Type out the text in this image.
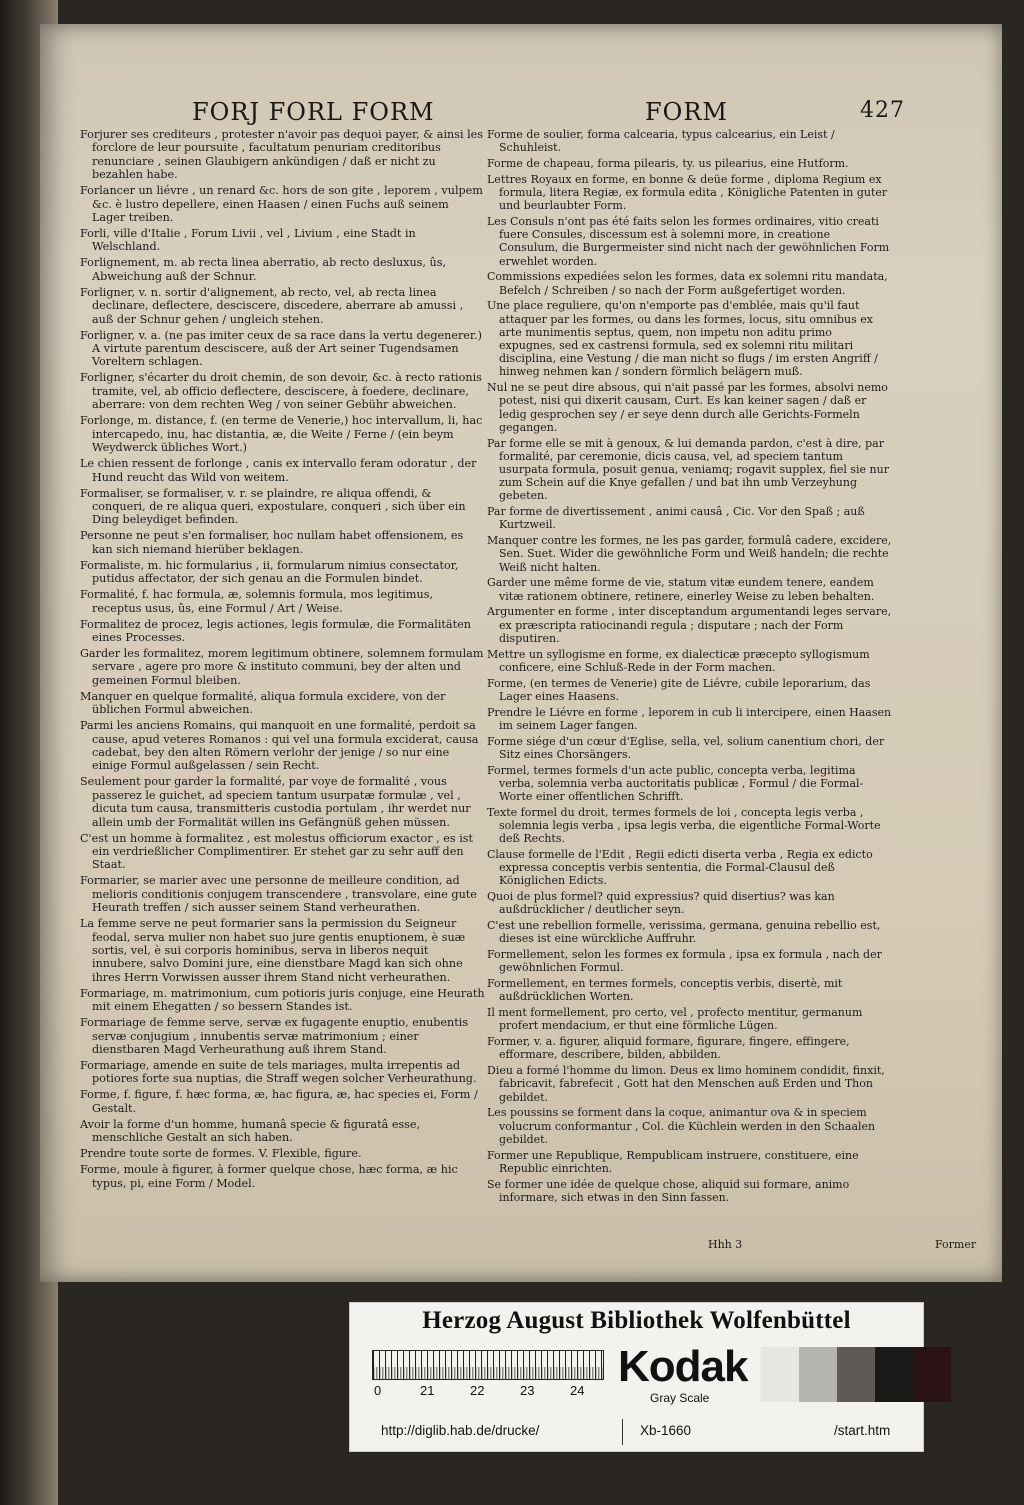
FORJ FORL FORM	FORM	427

Forjurer ses crediteurs , protester n'avoir pas dequoi payer, & ainsi les forclore de leur poursuite , facultatum penuriam creditoribus renunciare , seinen Glaubigern ankündigen / daß er nicht zu bezahlen habe.

Forlancer un liévre , un renard &c. hors de son gite , leporem , vulpem &c. è lustro depellere, einen Haasen / einen Fuchs auß seinem Lager treiben.

Forli, ville d'Italie , Forum Livii , vel , Livium , eine Stadt in Welschland.

Forlignement, m. ab recta linea aberratio, ab recto desluxus, ûs, Abweichung auß der Schnur.

Forligner, v. n. sortir d'alignement, ab recto, vel, ab recta linea declinare, deflectere, desciscere, discedere, aberrare ab amussi , auß der Schnur gehen / ungleich stehen.

Forligner, v. a. (ne pas imiter ceux de sa race dans la vertu degenerer.) A virtute parentum desciscere, auß der Art seiner Tugendsamen Voreltern schlagen.

Forligner, s'écarter du droit chemin, de son devoir, &c. à recto rationis tramite, vel, ab officio deflectere, desciscere, à foedere, declinare, aberrare: von dem rechten Weg / von seiner Gebühr abweichen.

Forlonge, m. distance, f. (en terme de Venerie,) hoc intervallum, li, hac intercapedo, inu, hac distantia, æ, die Weite / Ferne / (ein beym Weydwerck übliches Wort.)

Le chien ressent de forlonge , canis ex intervallo feram odoratur , der Hund reucht das Wild von weitem.

Formaliser, se formaliser, v. r. se plaindre, re aliqua offendi, & conqueri, de re aliqua queri, expostulare, conqueri , sich über ein Ding beleydiget befinden.

Personne ne peut s'en formaliser, hoc nullam habet offensionem, es kan sich niemand hierüber beklagen.

Formaliste, m. hic formularius , ii, formularum nimius consectator, putidus affectator, der sich genau an die Formulen bindet.

Formalité, f. hac formula, æ, solemnis formula, mos legitimus, receptus usus, ûs, eine Formul / Art / Weise.

Formalitez de procez, legis actiones, legis formulæ, die Formalitäten eines Processes.

Garder les formalitez, morem legitimum obtinere, solemnem formulam servare , agere pro more & instituto communi, bey der alten und gemeinen Formul bleiben.

Manquer en quelque formalité, aliqua formula excidere, von der üblichen Formul abweichen.

Parmi les anciens Romains, qui manquoit en une formalité, perdoit sa cause, apud veteres Romanos : qui vel una formula exciderat, causa cadebat, bey den alten Römern verlohr der jenige / so nur eine einige Formul außgelassen / sein Recht.

Seulement pour garder la formalité, par voye de formalité , vous passerez le guichet, ad speciem tantum usurpatæ formulæ , vel , dicuta tum causa, transmitteris custodia portulam , ihr werdet nur allein umb der Formalität willen ins Gefängnüß gehen müssen.

C'est un homme à formalitez , est molestus officiorum exactor , es ist ein verdrießlicher Complimentirer. Er stehet gar zu sehr auff den Staat.

Formarier, se marier avec une personne de meilleure condition, ad melioris conditionis conjugem transcendere , transvolare, eine gute Heurath treffen / sich ausser seinem Stand verheurathen.

La femme serve ne peut formarier sans la permission du Seigneur feodal, serva mulier non habet suo jure gentis enuptionem, è suæ sortis, vel, è sui corporis hominibus, serva in liberos nequit innubere, salvo Domini jure, eine dienstbare Magd kan sich ohne ihres Herrn Vorwissen ausser ihrem Stand nicht verheurathen.

Formariage, m. matrimonium, cum potioris juris conjuge, eine Heurath mit einem Ehegatten / so bessern Standes ist.

Formariage de femme serve, servæ ex fugagente enuptio, enubentis servæ conjugium , innubentis servæ matrimonium ; einer dienstbaren Magd Verheurathung auß ihrem Stand.

Formariage, amende en suite de tels mariages, multa irrepentis ad potiores forte sua nuptias, die Straff wegen solcher Verheurathung.

Forme, f. figure, f. hæc forma, æ, hac figura, æ, hac species ei, Form / Gestalt.

Avoir la forme d'un homme, humanâ specie & figuratâ esse, menschliche Gestalt an sich haben.

Prendre toute sorte de formes. V. Flexible, figure.

Forme, moule à figurer, à former quelque chose, hæc forma, æ hic typus, pi, eine Form / Model.

Forme de soulier, forma calcearia, typus calcearius, ein Leist / Schuhleist.

Forme de chapeau, forma pilearis, ty. us pilearius, eine Hutform.

Lettres Royaux en forme, en bonne & deüe forme , diploma Regium ex formula, litera Regiæ, ex formula edita , Königliche Patenten in guter und beurlaubter Form.

Les Consuls n'ont pas été faits selon les formes ordinaires, vitio creati fuere Consules, discessum est à solemni more, in creatione Consulum, die Burgermeister sind nicht nach der gewöhnlichen Form erwehlet worden.

Commissions expediées selon les formes, data ex solemni ritu mandata, Befelch / Schreiben / so nach der Form außgefertiget worden.

Une place reguliere, qu'on n'emporte pas d'emblée, mais qu'il faut attaquer par les formes, ou dans les formes, locus, situ omnibus ex arte munimentis septus, quem, non impetu non aditu primo expugnes, sed ex castrensi formula, sed ex solemni ritu militari disciplina, eine Vestung / die man nicht so flugs / im ersten Angriff / hinweg nehmen kan / sondern förmlich belägern muß.

Nul ne se peut dire absous, qui n'ait passé par les formes, absolvi nemo potest, nisi qui dixerit causam, Curt. Es kan keiner sagen / daß er ledig gesprochen sey / er seye denn durch alle Gerichts-Formeln gegangen.

Par forme elle se mit à genoux, & lui demanda pardon, c'est à dire, par formalité, par ceremonie, dicis causa, vel, ad speciem tantum usurpata formula, posuit genua, veniamq; rogavit supplex, fiel sie nur zum Schein auf die Knye gefallen / und bat ihn umb Verzeyhung gebeten.

Par forme de divertissement , animi causâ , Cic. Vor den Spaß ; auß Kurtzweil.

Manquer contre les formes, ne les pas garder, formulâ cadere, excidere, Sen. Suet. Wider die gewöhnliche Form und Weiß handeln; die rechte Weiß nicht halten.

Garder une même forme de vie, statum vitæ eundem tenere, eandem vitæ rationem obtinere, retinere, einerley Weise zu leben behalten.

Argumenter en forme , inter disceptandum argumentandi leges servare, ex præscripta ratiocinandi regula ; disputare ; nach der Form disputiren.

Mettre un syllogisme en forme, ex dialecticæ præcepto syllogismum conficere, eine Schluß-Rede in der Form machen.

Forme, (en termes de Venerie) gite de Liévre, cubile leporarium, das Lager eines Haasens.

Prendre le Liévre en forme , leporem in cub li intercipere, einen Haasen im seinem Lager fangen.

Forme siége d'un cœur d'Eglise, sella, vel, solium canentium chori, der Sitz eines Chorsängers.

Formel, termes formels d'un acte public, concepta verba, legitima verba, solemnia verba auctoritatis publicæ , Formul / die Formal-Worte einer offentlichen Schrifft.

Texte formel du droit, termes formels de loi , concepta legis verba , solemnia legis verba , ipsa legis verba, die eigentliche Formal-Worte deß Rechts.

Clause formelle de l'Edit , Regii edicti diserta verba , Regia ex edicto expressa conceptis verbis sententia, die Formal-Clausul deß Königlichen Edicts.

Quoi de plus formel? quid expressius? quid disertius? was kan außdrücklicher / deutlicher seyn.

C'est une rebellion formelle, verissima, germana, genuina rebellio est, dieses ist eine würckliche Auffruhr.

Formellement, selon les formes ex formula , ipsa ex formula , nach der gewöhnlichen Formul.

Formellement, en termes formels, conceptis verbis, disertè, mit außdrücklichen Worten.

Il ment formellement, pro certo, vel , profecto mentitur, germanum profert mendacium, er thut eine förmliche Lügen.

Former, v. a. figurer, aliquid formare, figurare, fingere, effingere, efformare, describere, bilden, abbilden.

Dieu a formé l'homme du limon. Deus ex limo hominem condidit, finxit, fabricavit, fabrefecit , Gott hat den Menschen auß Erden und Thon gebildet.

Les poussins se forment dans la coque, animantur ova & in speciem volucrum conformantur , Col. die Küchlein werden in den Schaalen gebildet.

Former une Republique, Rempublicam instruere, constituere, eine Republic einrichten.

Se former une idée de quelque chose, aliquid sui formare, animo informare, sich etwas in den Sinn fassen.

Hhh 3	Former
Herzog August Bibliothek Wolfenbüttel
0	21	22	23	24 Kodak
Gray Scale
http://diglib.hab.de/drucke/	Xb-1660	/start.htm
